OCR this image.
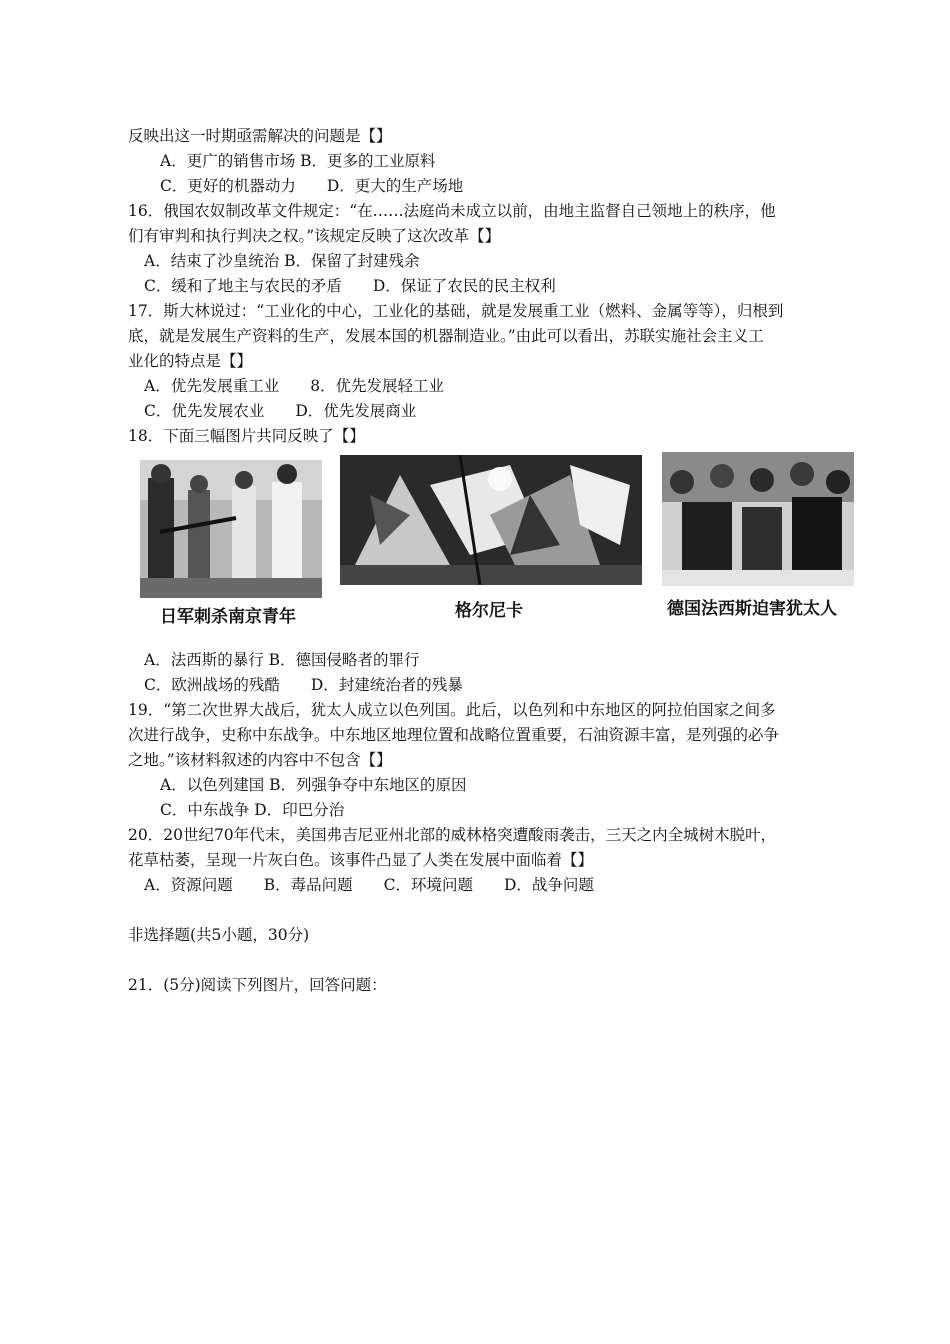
反映出这一时期亟需解决的问题是【】
A．更广的销售市场 B．更多的工业原料
C．更好的机器动力　　D．更大的生产场地
16．俄国农奴制改革文件规定：“在……法庭尚未成立以前，由地主监督自己领地上的秩序，他
们有审判和执行判决之权。”该规定反映了这次改革【】
A．结束了沙皇统治 B．保留了封建残余
C．缓和了地主与农民的矛盾　　D．保证了农民的民主权利
17．斯大林说过：“工业化的中心，工业化的基础，就是发展重工业（燃料、金属等等），归根到
底，就是发展生产资料的生产，发展本国的机器制造业。”由此可以看出，苏联实施社会主义工
业化的特点是【】
A．优先发展重工业　　8．优先发展轻工业
C．优先发展农业　　D．优先发展商业
18．下面三幅图片共同反映了【】
日军刺杀南京青年	格尔尼卡	德国法西斯迫害犹太人
A．法西斯的暴行 B．德国侵略者的罪行
C．欧洲战场的残酷　　D．封建统治者的残暴
19．“第二次世界大战后，犹太人成立以色列国。此后，以色列和中东地区的阿拉伯国家之间多
次进行战争，史称中东战争。中东地区地理位置和战略位置重要，石油资源丰富，是列强的必争
之地。”该材料叙述的内容中不包含【】
A．以色列建国 B．列强争夺中东地区的原因
C．中东战争 D．印巴分治
20．20世纪70年代末，美国弗吉尼亚州北部的威林格突遭酸雨袭击，三天之内全城树木脱叶，
花草枯萎，呈现一片灰白色。该事件凸显了人类在发展中面临着【】
A．资源问题　　B．毒品问题　　C．环境问题　　D．战争问题
非选择题(共5小题，30分)
21．(5分)阅读下列图片，回答问题：
